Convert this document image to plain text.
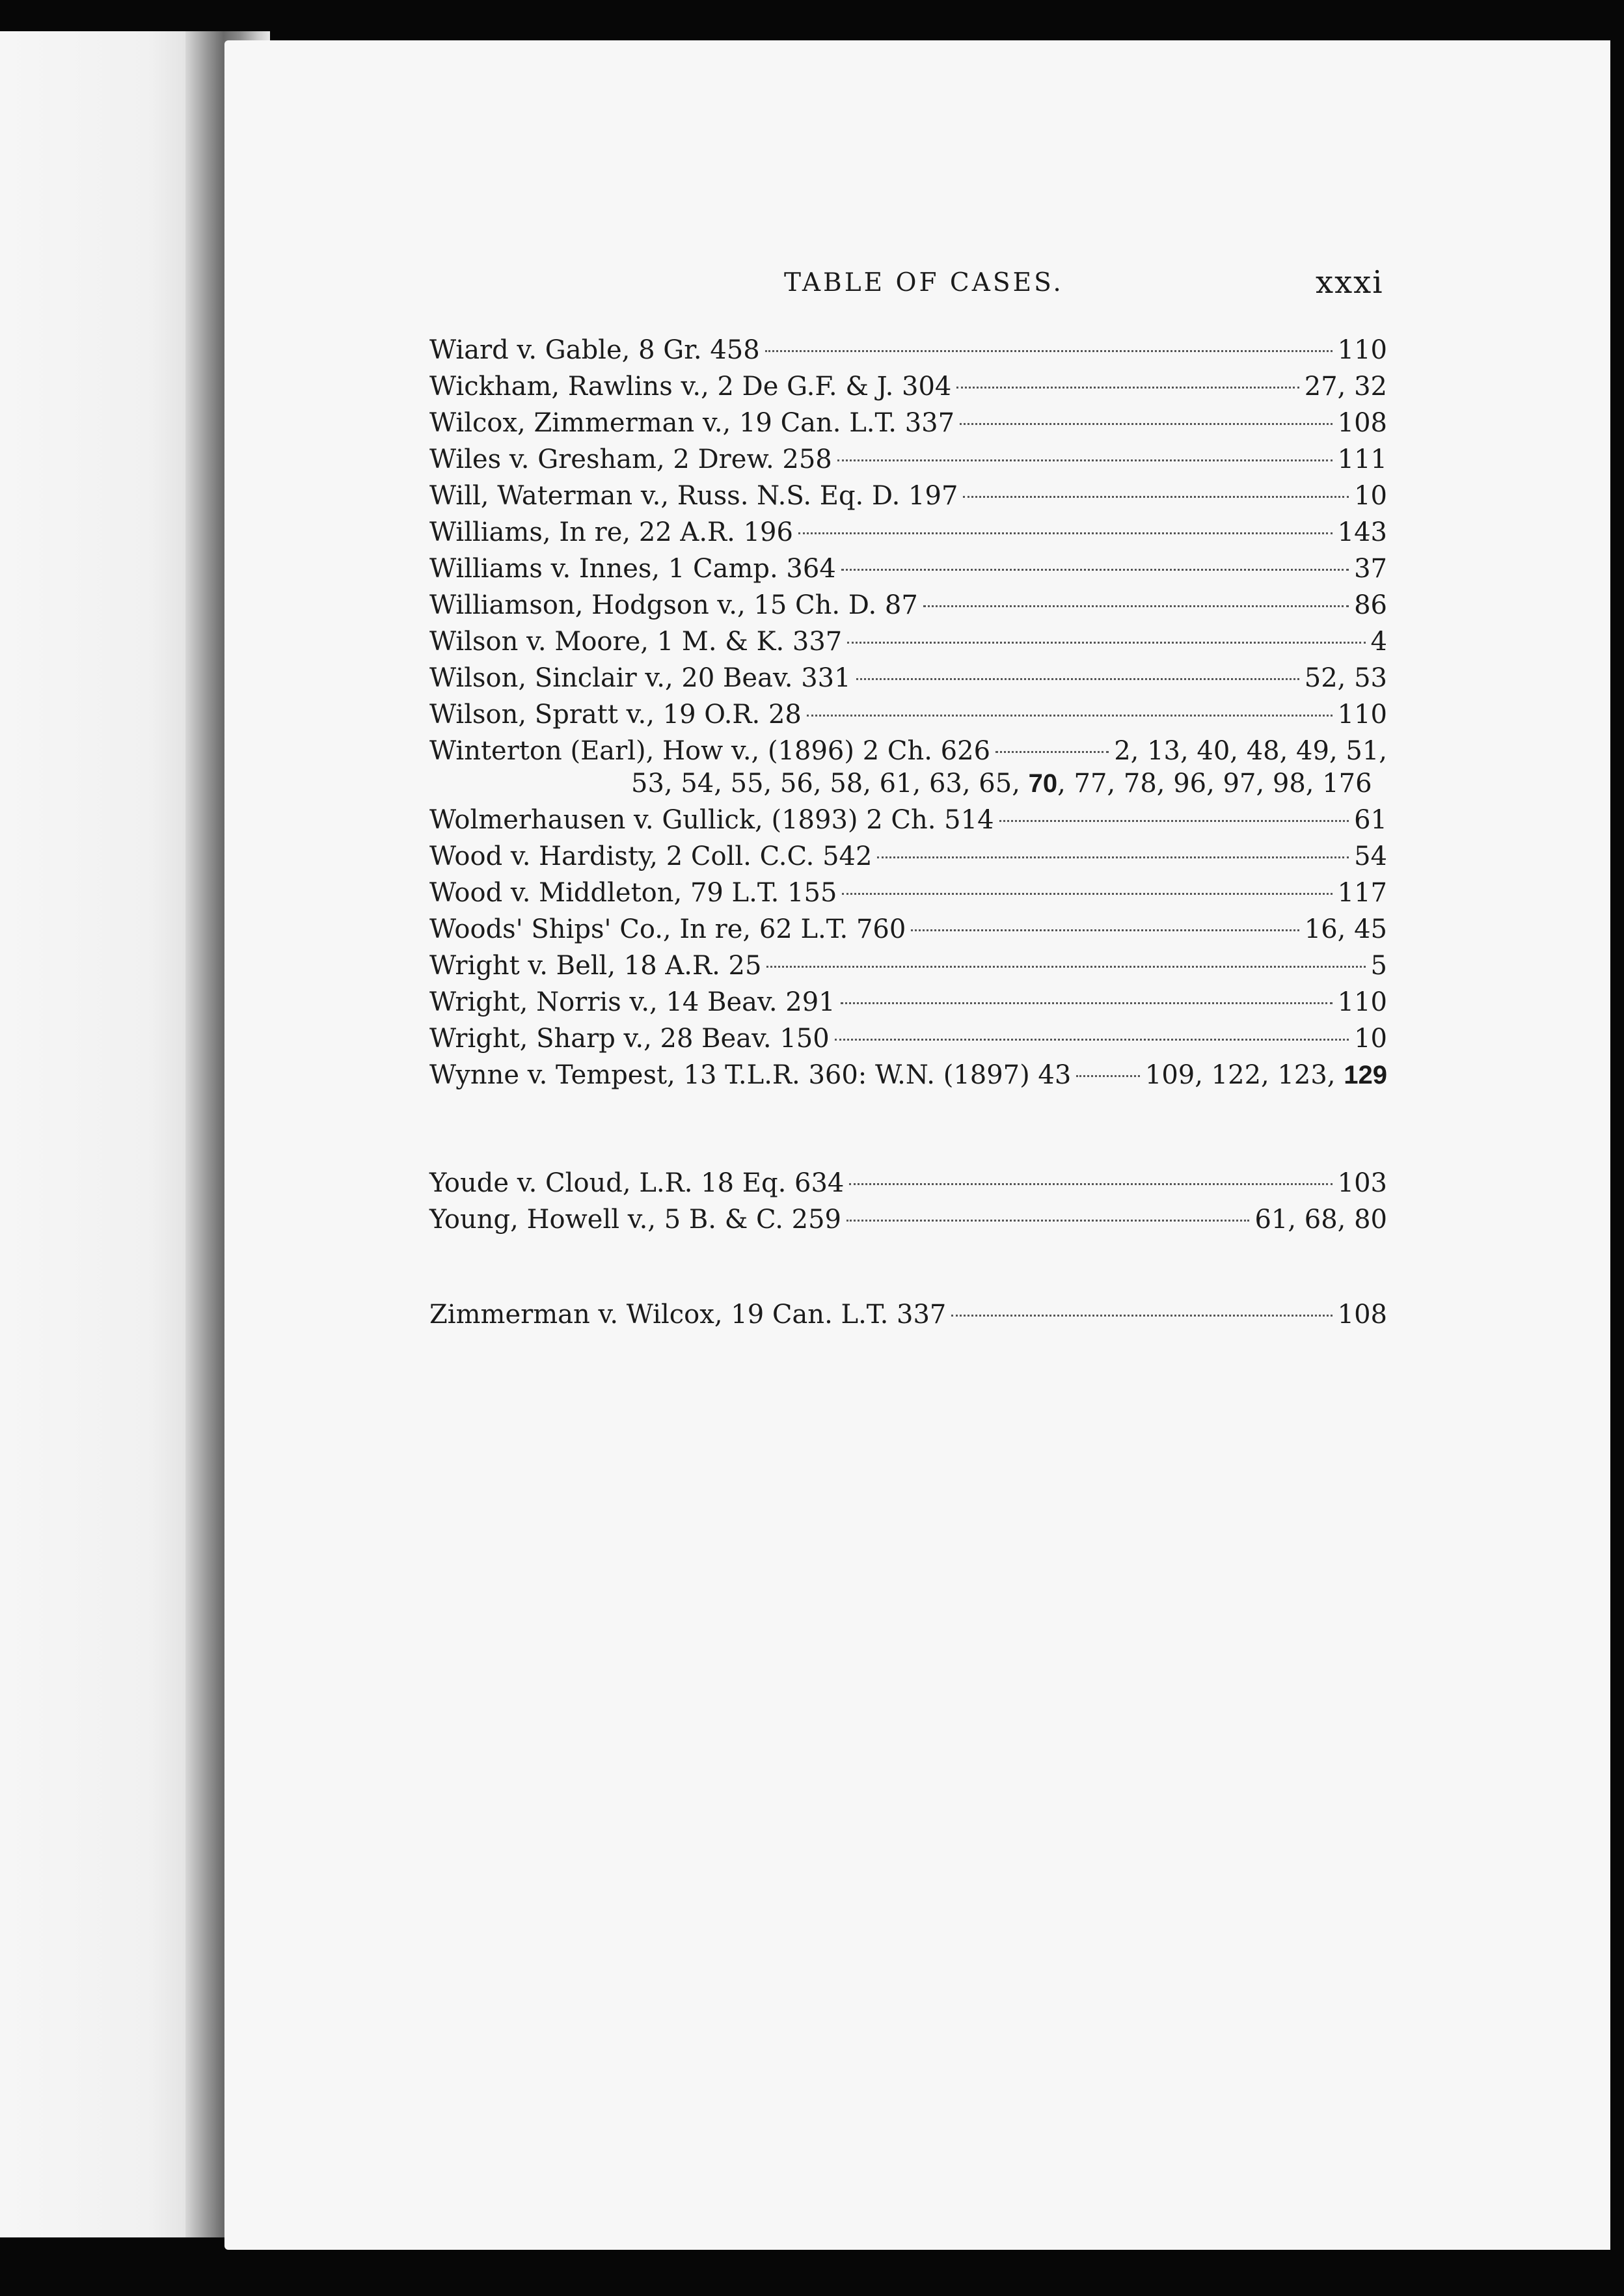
TABLE OF CASES.	xxxi
Wiard v. Gable, 8 Gr. 458	110
Wickham, Rawlins v., 2 De G.F. & J. 304	27, 32
Wilcox, Zimmerman v., 19 Can. L.T. 337	108
Wiles v. Gresham, 2 Drew. 258	111
Will, Waterman v., Russ. N.S. Eq. D. 197	10
Williams, In re, 22 A.R. 196	143
Williams v. Innes, 1 Camp. 364	37
Williamson, Hodgson v., 15 Ch. D. 87	86
Wilson v. Moore, 1 M. & K. 337	4
Wilson, Sinclair v., 20 Beav. 331	52, 53
Wilson, Spratt v., 19 O.R. 28	110
Winterton (Earl), How v., (1896) 2 Ch. 626	2, 13, 40, 48, 49, 51,
53, 54, 55, 56, 58, 61, 63, 65, 70, 77, 78, 96, 97, 98, 176
Wolmerhausen v. Gullick, (1893) 2 Ch. 514	61
Wood v. Hardisty, 2 Coll. C.C. 542	54
Wood v. Middleton, 79 L.T. 155	117
Woods' Ships' Co., In re, 62 L.T. 760	16, 45
Wright v. Bell, 18 A.R. 25	5
Wright, Norris v., 14 Beav. 291	110
Wright, Sharp v., 28 Beav. 150	10
Wynne v. Tempest, 13 T.L.R. 360: W.N. (1897) 43	109, 122, 123, 129
Youde v. Cloud, L.R. 18 Eq. 634	103
Young, Howell v., 5 B. & C. 259	61, 68, 80
Zimmerman v. Wilcox, 19 Can. L.T. 337	108
